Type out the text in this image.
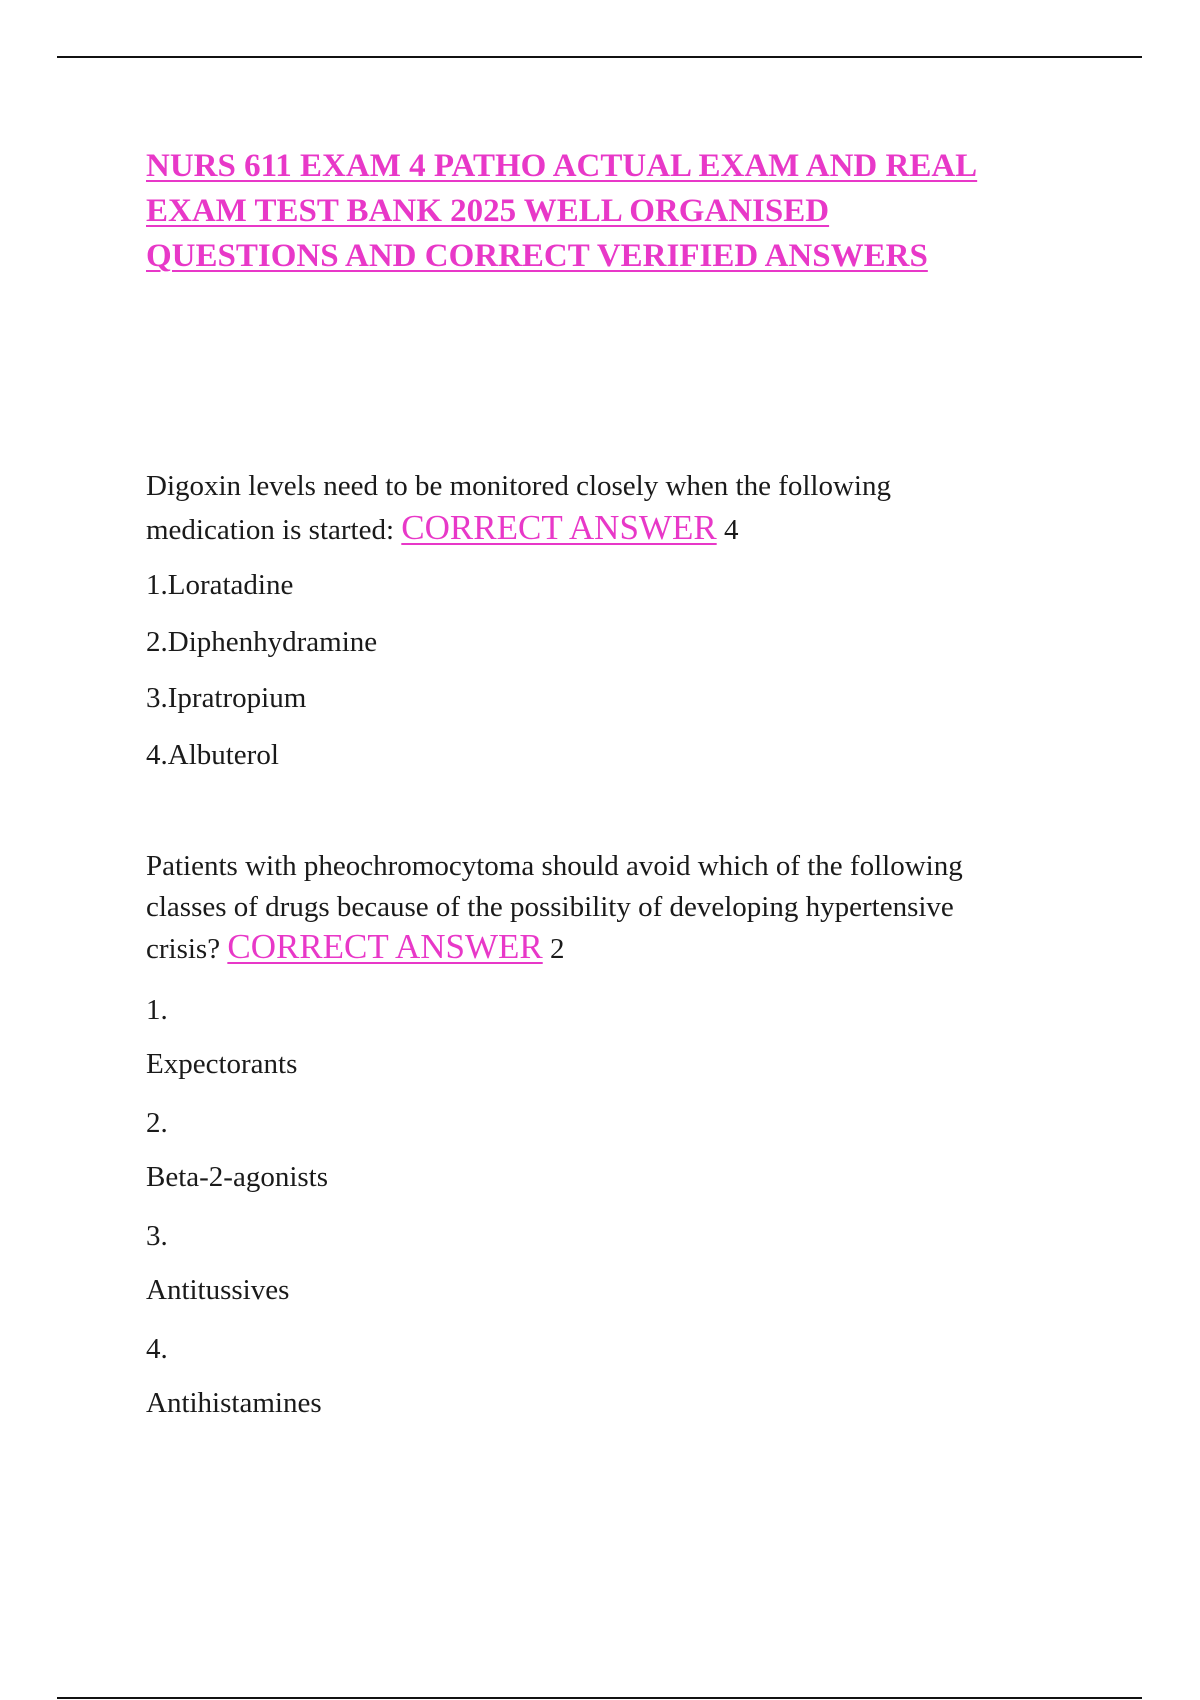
NURS 611 EXAM 4 PATHO ACTUAL EXAM AND REAL
EXAM TEST BANK 2025 WELL ORGANISED
QUESTIONS AND CORRECT VERIFIED ANSWERS

Digoxin levels need to be monitored closely when the following
medication is started: CORRECT ANSWER 4

1.Loratadine

2.Diphenhydramine

3.Ipratropium

4.Albuterol

Patients with pheochromocytoma should avoid which of the following
classes of drugs because of the possibility of developing hypertensive
crisis? CORRECT ANSWER 2

1.

Expectorants

2.

Beta-2-agonists

3.

Antitussives

4.

Antihistamines
